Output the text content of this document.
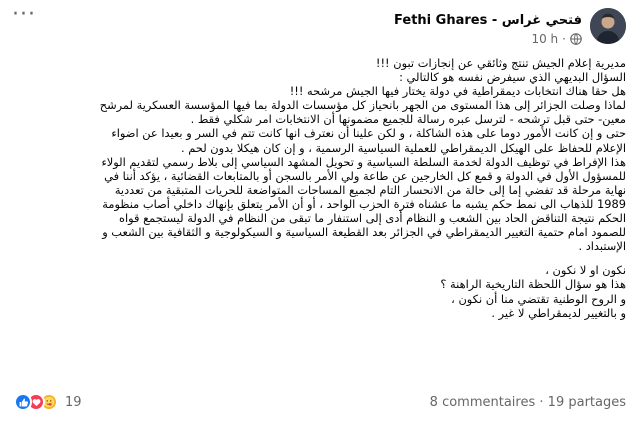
···	Fethi Ghares - فتحي غراس
10 h ·

مديرية إعلام الجيش تنتج وثائقي عن إنجازات تبون !!!

السؤال البديهي الذي سيفرض نفسه هو كالتالي :

هل حقا هناك انتخابات ديمقراطية في دولة يختار فيها الجيش مرشحه !!!

لماذا وصلت الجزائر إلى هذا المستوى من الجهر بانحياز كل مؤسسات الدولة بما فيها المؤسسة العسكرية لمرشح

معين- حتى قبل ترشحه - لترسل عبره رسالة للجميع مضمونها أن الانتخابات امر شكلي فقط .

حتى و إن كانت الأمور دوما على هذه الشاكلة ، و لكن علينا أن نعترف انها كانت تتم في السر و بعيدا عن اضواء

الإعلام للحفاظ على الهيكل الديمقراطي للعملية السياسية الرسمية ، و إن كان هيكلا بدون لحم .

هذا الإفراط في توظيف الدولة لخدمة السلطة السياسية و تحويل المشهد السياسي إلى بلاط رسمي لتقديم الولاء

للمسؤول الأول في الدولة و قمع كل الخارجين عن طاعة ولي الأمر بالسجن أو بالمتابعات القضائية ، يؤكد أننا في

نهاية مرحلة قد تفضي إما إلى حالة من الانحسار التام لجميع المساحات المتواضعة للحريات المتبقية من تعددية

1989 للذهاب الى نمط حكم يشبه ما عشناه فترة الحزب الواحد ، أو أن الأمر يتعلق بإنهاك داخلي أصاب منظومة

الحكم نتيجة التناقض الحاد بين الشعب و النظام أدى إلى استنفار ما تبقى من النظام في الدولة ليستجمع قواه

للصمود امام حتمية التغيير الديمقراطي في الجزائر بعد القطيعة السياسية و السيكولوجية و الثقافية بين الشعب و

الإستبداد .

نكون او لا نكون ،

هذا هو سؤال اللحظة التاريخية الراهنة ؟

و الروح الوطنية تقتضي منا أن نكون ،

و بالتغيير لديمقراطي لا غير .

19	8 commentaires · 19 partages
